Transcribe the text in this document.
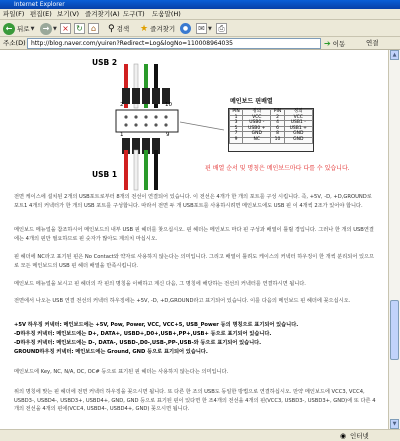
Internet Explorer
파일(F) 편집(E) 보기(V) 즐겨찾기(A) 도구(T) 도움말(H)
← 뒤로 ▼	→ ▼ × ↻	⌂	⚲ 검색 ★ 즐겨찾기	●	✉ ▼ ⎙
주소(D) http://blog.naver.com/yuiren?Redirect=Log&logNo=110008964035	➔ 이동	연결
USB 2
USB 1
2	10
1	9
메인보드 핀배열
PIN	정의	PIN	정의
1	VCC	2	VCC
3	USB0 -	4	USB1 -
5	USB0 +	6	USB1 +
7	GND	8	GND
9	NC	10	GND
핀 배열 순서 및 명칭은 메인보드마다 다를 수 있습니다.
전면 케이스에 설치된 2개의 USB포트로부터 8개의 전선이 연결되어 있습니다. 이 전선은 4개가 한 개의 포트를 구성 시킵니다. 즉, +5V, -D, +D,GROUND로 포트1 4개의 커넥터가 한 개의 USB 포트를 구성합니다. 따라서 전면 두 개 USB포트를 사용하시려면 메인보드에도 USB 핀 이 4개씩 2조가 있어야 합니다.
메인보드 메뉴얼을 참조하시어 메인보드의 내부 USB 핀 헤더를 찾으십시오. 핀 헤더는 메인보드 마다 핀 구성과 배열이 틀릴 경입니다. 그러나 한 개의 USB연결에는 4개의 핀만 필요하므로 핀 숫자가 많아도 계의치 마십시오.
핀 헤더에 NC라고 표기된 핀은 No Contact와 약자로 사용하지 않는다는 의미입니다. 그리고 배열이 틀려도 케이스의 커넥터 하우징이 한 개씩 분리되어 있으므로 모든 메인보드의 USB 핀 헤더 배열을 만족시킵니다.
메인보드 메뉴얼을 보시고 핀 헤더의 각 핀의 명칭을 이해하고 계신 다음, 그 명칭에 해당하는 전선의 커넥터를 연결하시면 됩니다.
전면에서 나오는 USB 연결 전선의 커넥터 하우징에는 +5V, -D, +D,GROUND라고 표기되어 있습니다. 이를 다음의 메인보드 핀 헤더에 꽂으십시오.
+5V 하우징 커넥터: 메인보드에는 +5V, Pow, Power, VCC, VCC+5, USB_Power 등의 명칭으로 표기되어 있습니다.
-D하우징 커넥터: 메인보드에는 D+, DATA+, USBD+,D0+,USB+,PP+,USB+ 등으로 표기되어 있습니다.
-D하우징 커넥터: 메인보드에는 D-, DATA-, USBD-,D0-,USB-,PP-,USB-와 등으로 표기되어 있습니다.
GROUND하우징 커넥터: 메인보드에는 Ground, GND 등으로 표기되어 있습니다.
메인보드에 Key, NC, N/A, OC, OC# 등으로 표기된 핀 헤더는 사용하지 않는다는 의미입니다.
위의 명칭에 맞는 핀 헤더에 전면 커넥터 하우징을 꽂으시면 됩니다. 또 다른 한 조의 USB도 동일한 방법으로 연결하십시오. 만약 메인보드에 VCC3, VCC4, USBD3-, USBD4-, USBD3+, USBD4+, GND, GND 등으로 표기된 핀이 있다면 한 조4개의 전선을 4개의 핀(VCC3, USBD3-, USBD3+, GND)에 또 다른 4개의 전선을 4개의 핀에(VCC4, USBD4-, USBD4+, GND) 꽂으시면 됩니다.
▲
▼
◉ 인터넷
